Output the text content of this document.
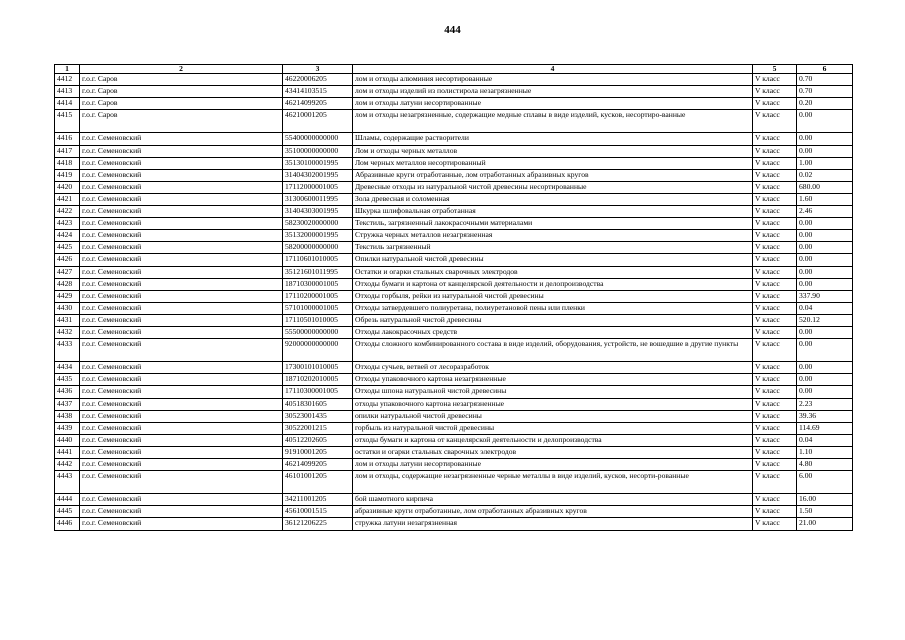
444
1	2	3	4	5	6
4412	г.о.г. Саров	46220006205	лом и отходы алюминия несортированные	V класс	0.70
4413	г.о.г. Саров	43414103515	лом и отходы изделий из полистирола незагрязненные	V класс	0.70
4414	г.о.г. Саров	46214099205	лом и отходы латуни несортированные	V класс	0.20
4415	г.о.г. Саров	46210001205	лом и отходы незагрязненные, содержащие медные сплавы в виде изделий, кусков, несортиро-ванные	V класс	0.00
4416	г.о.г. Семеновский	55400000000000	Шламы, содержащие растворители	V класс	0.00
4417	г.о.г. Семеновский	35100000000000	Лом и отходы черных металлов	V класс	0.00
4418	г.о.г. Семеновский	35130100001995	Лом черных металлов несортированный	V класс	1.00
4419	г.о.г. Семеновский	31404302001995	Абразивные круги отработанные, лом отработанных абразивных кругов	V класс	0.02
4420	г.о.г. Семеновский	17112000001005	Древесные отходы из натуральной чистой древесины несортированные	V класс	680.00
4421	г.о.г. Семеновский	31300600011995	Зола древесная и соломенная	V класс	1.60
4422	г.о.г. Семеновский	31404303001995	Шкурка шлифовальная отработанная	V класс	2.46
4423	г.о.г. Семеновский	58230020000000	Текстиль, загрязненный лакокрасочными материалами	V класс	0.00
4424	г.о.г. Семеновский	35132000001995	Стружка черных металлов незагрязненная	V класс	0.00
4425	г.о.г. Семеновский	58200000000000	Текстиль загрязненный	V класс	0.00
4426	г.о.г. Семеновский	17110601010005	Опилки натуральной чистой древесины	V класс	0.00
4427	г.о.г. Семеновский	35121601011995	Остатки и огарки стальных сварочных электродов	V класс	0.00
4428	г.о.г. Семеновский	18710300001005	Отходы бумаги и картона от канцелярской деятельности и делопроизводства	V класс	0.00
4429	г.о.г. Семеновский	17110200001005	Отходы горбыля, рейки из натуральной чистой древесины	V класс	337.90
4430	г.о.г. Семеновский	57101000001005	Отходы затвердевшего полиуретана, полиуретановой пены или пленки	V класс	0.04
4431	г.о.г. Семеновский	17110501010005	Обрезь натуральной чистой древесины	V класс	520.12
4432	г.о.г. Семеновский	55500000000000	Отходы лакокрасочных средств	V класс	0.00
4433	г.о.г. Семеновский	92000000000000	Отходы сложного комбинированного состава в виде изделий, оборудования, устройств, не вошедшие в другие пункты	V класс	0.00
4434	г.о.г. Семеновский	17300101010005	Отходы сучьев, ветвей от лесоразработок	V класс	0.00
4435	г.о.г. Семеновский	18710202010005	Отходы упаковочного картона незагрязненные	V класс	0.00
4436	г.о.г. Семеновский	17110300001005	Отходы шпона натуральной чистой древесины	V класс	0.00
4437	г.о.г. Семеновский	40518301605	отходы упаковочного картона незагрязненные	V класс	2.23
4438	г.о.г. Семеновский	30523001435	опилки натуральной чистой древесины	V класс	39.36
4439	г.о.г. Семеновский	30522001215	горбыль из натуральной чистой древесины	V класс	114.69
4440	г.о.г. Семеновский	40512202605	отходы бумаги и картона от канцелярской деятельности и делопроизводства	V класс	0.04
4441	г.о.г. Семеновский	91910001205	остатки и огарки стальных сварочных электродов	V класс	1.10
4442	г.о.г. Семеновский	46214099205	лом и отходы латуни несортированные	V класс	4.80
4443	г.о.г. Семеновский	46101001205	лом и отходы, содержащие незагрязненные черные металлы в виде изделий, кусков, несорти-рованные	V класс	6.00
4444	г.о.г. Семеновский	34211001205	бой шамотного кирпича	V класс	16.00
4445	г.о.г. Семеновский	45610001515	абразивные круги отработанные, лом отработанных абразивных кругов	V класс	1.50
4446	г.о.г. Семеновский	36121206225	стружка латуни незагрязненная	V класс	21.00
